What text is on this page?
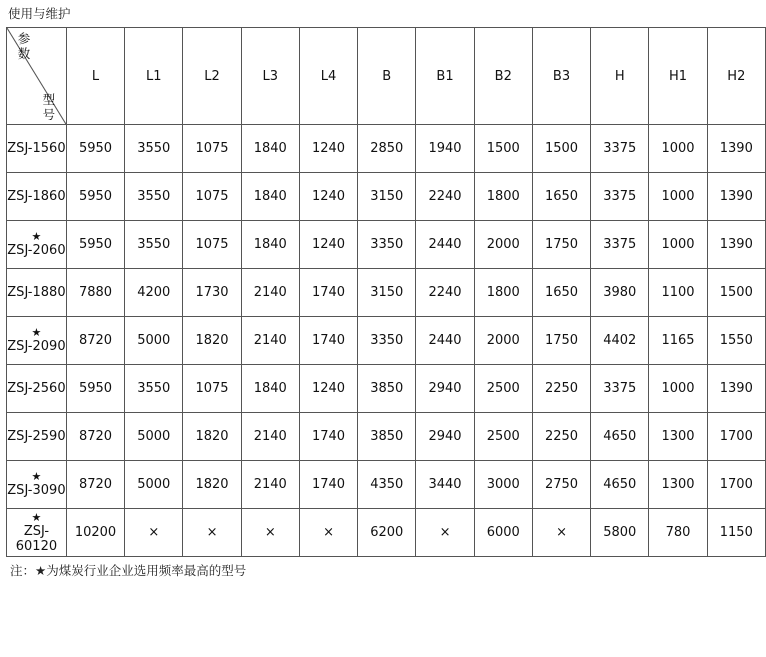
使用与维护
参数
型号	L	L1	L2	L3	L4	B	B1	B2	B3	H	H1	H2

ZSJ-1560	5950	3550	1075	1840	1240	2850	1940	1500	1500	3375	1000	1390

ZSJ-1860	5950	3550	1075	1840	1240	3150	2240	1800	1650	3375	1000	1390

★
ZSJ-2060	5950	3550	1075	1840	1240	3350	2440	2000	1750	3375	1000	1390

ZSJ-1880	7880	4200	1730	2140	1740	3150	2240	1800	1650	3980	1100	1500

★
ZSJ-2090	8720	5000	1820	2140	1740	3350	2440	2000	1750	4402	1165	1550

ZSJ-2560	5950	3550	1075	1840	1240	3850	2940	2500	2250	3375	1000	1390

ZSJ-2590	8720	5000	1820	2140	1740	3850	2940	2500	2250	4650	1300	1700

★
ZSJ-3090	8720	5000	1820	2140	1740	4350	3440	3000	2750	4650	1300	1700

★
ZSJ-60120	10200	×	×	×	×	6200	×	6000	×	5800	780	1150
注：★为煤炭行业企业选用频率最高的型号
